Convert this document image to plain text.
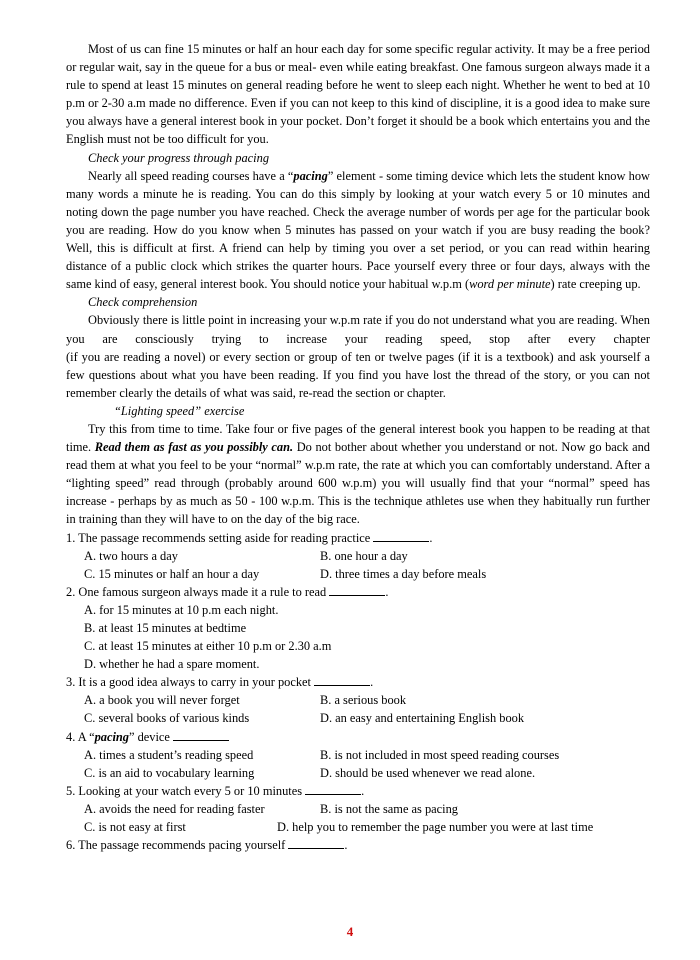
Most of us can fine 15 minutes or half an hour each day for some specific regular activity. It may be a free period or regular wait, say in the queue for a bus or meal- even while eating breakfast. One famous surgeon always made it a rule to spend at least 15 minutes on general reading before he went to sleep each night. Whether he went to bed at 10 p.m or 2-30 a.m made no difference. Even if you can not keep to this kind of discipline, it is a good idea to make sure you always have a general interest book in your pocket. Don’t forget it should be a book which entertains you and the English must not be too difficult for you.

Check your progress through pacing

Nearly all speed reading courses have a “pacing” element - some timing device which lets the student know how many words a minute he is reading. You can do this simply by looking at your watch every 5 or 10 minutes and noting down the page number you have reached. Check the average number of words per age for the particular book you are reading. How do you know when 5 minutes has passed on your watch if you are busy reading the book? Well, this is difficult at first. A friend can help by timing you over a set period, or you can read within hearing distance of a public clock which strikes the quarter hours. Pace yourself every three or four days, always with the same kind of easy, general interest book. You should notice your habitual w.p.m (word per minute) rate creeping up.

Check comprehension

Obviously there is little point in increasing your w.p.m rate if you do not understand what you are reading. When you are consciously trying to increase your reading speed, stop after every chapter

(if you are reading a novel) or every section or group of ten or twelve pages (if it is a textbook) and ask yourself a few questions about what you have been reading. If you find you have lost the thread of the story, or you can not remember clearly the details of what was said, re-read the section or chapter.

“Lighting speed” exercise

Try this from time to time. Take four or five pages of the general interest book you happen to be reading at that time. Read them as fast as you possibly can. Do not bother about whether you understand or not. Now go back and read them at what you feel to be your “normal” w.p.m rate, the rate at which you can comfortably understand. After a “lighting speed” read through (probably around 600 w.p.m) you will usually find that your “normal” speed has increase - perhaps by as much as 50 - 100 w.p.m. This is the technique athletes use when they habitually run further in training than they will have to on the day of the big race.

1. The passage recommends setting aside for reading practice	.

A. two hours a day	B. one hour a day
C. 15 minutes or half an hour a day	D. three times a day before meals

2. One famous surgeon always made it a rule to read	.

A. for 15 minutes at 10 p.m each night.
B. at least 15 minutes at bedtime
C. at least 15 minutes at either 10 p.m or 2.30 a.m
D. whether he had a spare moment.

3. It is a good idea always to carry in your pocket	.

A. a book you will never forget	B. a serious book
C. several books of various kinds	D. an easy and entertaining English book

4. A “pacing” device

A. times a student’s reading speed	B. is not included in most speed reading courses
C. is an aid to vocabulary learning	D. should be used whenever we read alone.

5. Looking at your watch every 5 or 10 minutes	.

A. avoids the need for reading faster	B. is not the same as pacing
C. is not easy at first	D. help you to remember the page number you were at last time

6. The passage recommends pacing yourself	.

4
